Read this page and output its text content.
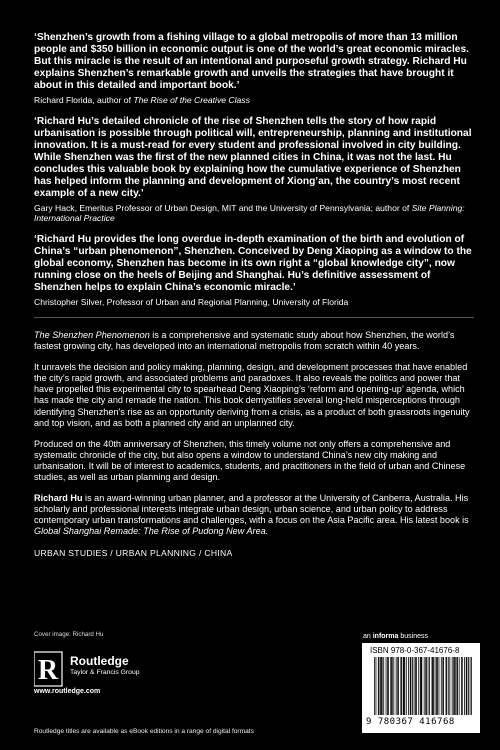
‘Shenzhen’s growth from a fishing village to a global metropolis of more than 13 million people and $350 billion in economic output is one of the world’s great economic miracles. But this miracle is the result of an intentional and purposeful growth strategy. Richard Hu explains Shenzhen’s remarkable growth and unveils the strategies that have brought it about in this detailed and important book.’

Richard Florida, author of The Rise of the Creative Class

‘Richard Hu’s detailed chronicle of the rise of Shenzhen tells the story of how rapid urbanisation is possible through political will, entrepreneurship, planning and institutional innovation. It is a must-read for every student and professional involved in city building. While Shenzhen was the first of the new planned cities in China, it was not the last. Hu concludes this valuable book by explaining how the cumulative experience of Shenzhen has helped inform the planning and development of Xiong’an, the country’s most recent example of a new city.’

Gary Hack, Emeritus Professor of Urban Design, MIT and the University of Pennsylvania; author of Site Planning: International Practice

‘Richard Hu provides the long overdue in-depth examination of the birth and evolution of China’s “urban phenomenon”, Shenzhen. Conceived by Deng Xiaoping as a window to the global economy, Shenzhen has become in its own right a “global knowledge city”, now running close on the heels of Beijing and Shanghai. Hu’s definitive assessment of Shenzhen helps to explain China’s economic miracle.’

Christopher Silver, Professor of Urban and Regional Planning, University of Florida

The Shenzhen Phenomenon is a comprehensive and systematic study about how Shenzhen, the world’s fastest growing city, has developed into an international metropolis from scratch within 40 years.

It unravels the decision and policy making, planning, design, and development processes that have enabled the city’s rapid growth, and associated problems and paradoxes. It also reveals the politics and power that have propelled this experimental city to spearhead Deng Xiaoping’s ‘reform and opening-up’ agenda, which has made the city and remade the nation. This book demystifies several long-held misperceptions through identifying Shenzhen’s rise as an opportunity deriving from a crisis, as a product of both grassroots ingenuity and top vision, and as both a planned city and an unplanned city.

Produced on the 40th anniversary of Shenzhen, this timely volume not only offers a comprehensive and systematic chronicle of the city, but also opens a window to understand China’s new city making and urbanisation. It will be of interest to academics, students, and practitioners in the field of urban and Chinese studies, as well as urban planning and design.

Richard Hu is an award-winning urban planner, and a professor at the University of Canberra, Australia. His scholarly and professional interests integrate urban design, urban science, and urban policy to address contemporary urban transformations and challenges, with a focus on the Asia Pacific area. His latest book is Global Shanghai Remade: The Rise of Pudong New Area.

URBAN STUDIES / URBAN PLANNING / CHINA

Cover image: Richard Hu	an informa business
R Routledge
Taylor & Francis Group
www.routledge.com
Routledge titles are available as eBook editions in a range of digital formats
ISBN 978-0-367-41676-8
9 780367 416768
